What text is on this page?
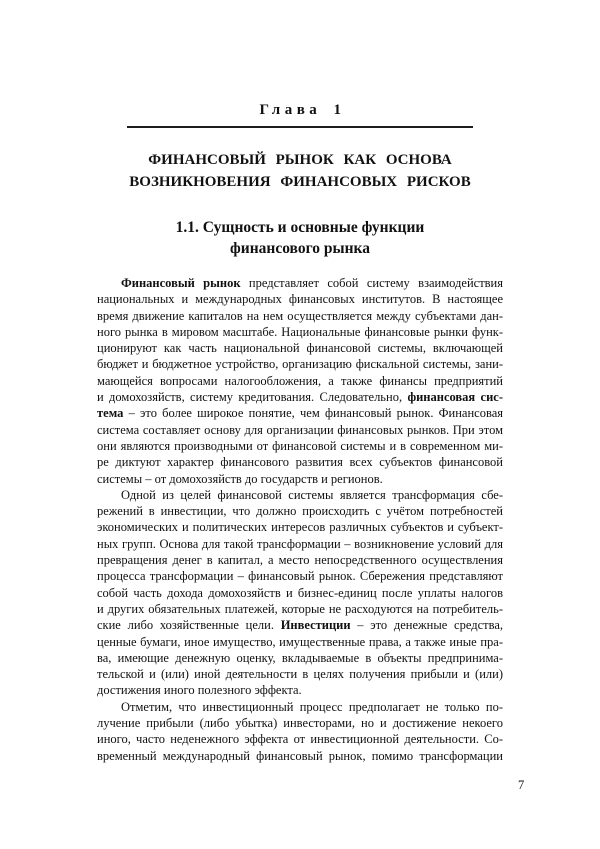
Глава 1
ФИНАНСОВЫЙ РЫНОК КАК ОСНОВА
ВОЗНИКНОВЕНИЯ ФИНАНСОВЫХ РИСКОВ
1.1. Сущность и основные функции
финансового рынка
Финансовый рынок представляет собой систему взаимодействия
национальных и международных финансовых институтов. В настоящее
время движение капиталов на нем осуществляется между субъектами дан-
ного рынка в мировом масштабе. Национальные финансовые рынки функ-
ционируют как часть национальной финансовой системы, включающей
бюджет и бюджетное устройство, организацию фискальной системы, зани-
мающейся вопросами налогообложения, а также финансы предприятий
и домохозяйств, систему кредитования. Следовательно, финансовая сис-
тема – это более широкое понятие, чем финансовый рынок. Финансовая
система составляет основу для организации финансовых рынков. При этом
они являются производными от финансовой системы и в современном ми-
ре диктуют характер финансового развития всех субъектов финансовой
системы – от домохозяйств до государств и регионов.
Одной из целей финансовой системы является трансформация сбе-
режений в инвестиции, что должно происходить с учётом потребностей
экономических и политических интересов различных субъектов и субъект-
ных групп. Основа для такой трансформации – возникновение условий для
превращения денег в капитал, а место непосредственного осуществления
процесса трансформации – финансовый рынок. Сбережения представляют
собой часть дохода домохозяйств и бизнес-единиц после уплаты налогов
и других обязательных платежей, которые не расходуются на потребитель-
ские либо хозяйственные цели. Инвестиции – это денежные средства,
ценные бумаги, иное имущество, имущественные права, а также иные пра-
ва, имеющие денежную оценку, вкладываемые в объекты предпринима-
тельской и (или) иной деятельности в целях получения прибыли и (или)
достижения иного полезного эффекта.
Отметим, что инвестиционный процесс предполагает не только по-
лучение прибыли (либо убытка) инвесторами, но и достижение некоего
иного, часто неденежного эффекта от инвестиционной деятельности. Со-
временный международный финансовый рынок, помимо трансформации
7
